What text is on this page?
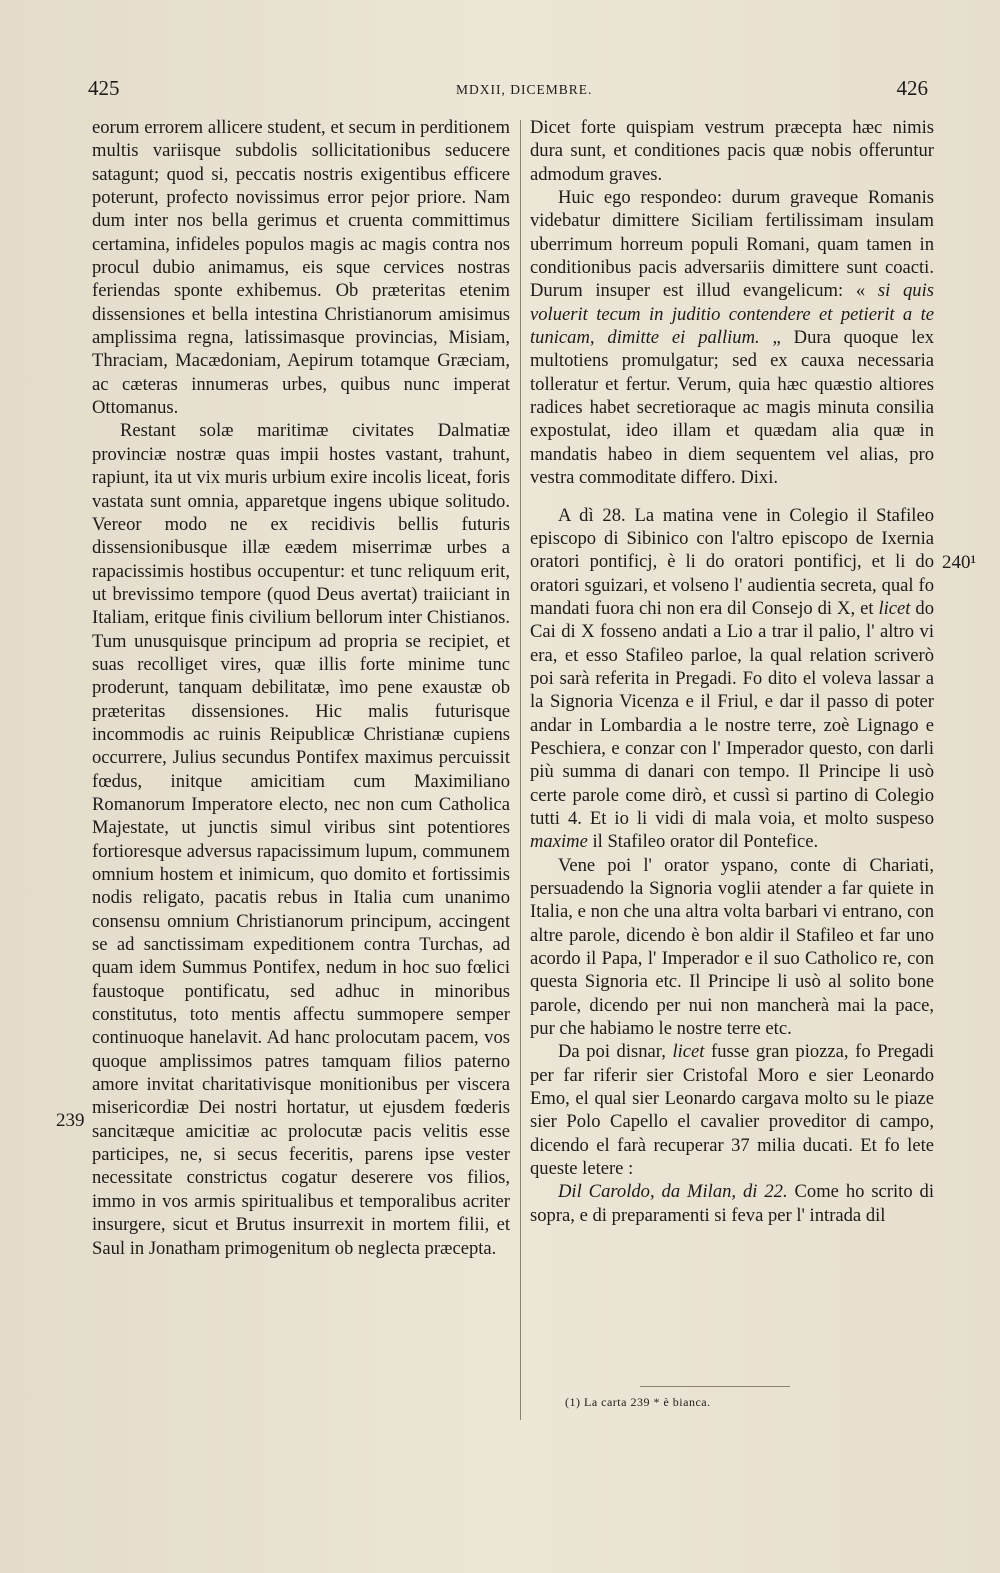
425	MDXII, DICEMBRE.	426

eorum errorem allicere student, et secum in perditionem multis variisque subdolis sollicitationibus seducere satagunt; quod si, peccatis nostris exigentibus efficere poterunt, profecto novissimus error pejor priore. Nam dum inter nos bella gerimus et cruenta committimus certamina, infideles populos magis ac magis contra nos procul dubio animamus, eis sque cervices nostras feriendas sponte exhibemus. Ob præteritas etenim dissensiones et bella intestina Christianorum amisimus amplissima regna, latissimasque provincias, Misiam, Thraciam, Macædoniam, Aepirum totamque Græciam, ac cæteras innumeras urbes, quibus nunc imperat Ottomanus.

Restant solæ maritimæ civitates Dalmatiæ provinciæ nostræ quas impii hostes vastant, trahunt, rapiunt, ita ut vix muris urbium exire incolis liceat, foris vastata sunt omnia, apparetque ingens ubique solitudo. Vereor modo ne ex recidivis bellis futuris dissensionibusque illæ eædem miserrimæ urbes a rapacissimis hostibus occupentur: et tunc reliquum erit, ut brevissimo tempore (quod Deus avertat) traiiciant in Italiam, eritque finis civilium bellorum inter Chistianos. Tum unusquisque principum ad propria se recipiet, et suas recolliget vires, quæ illis forte minime tunc proderunt, tanquam debilitatæ, ìmo pene exaustæ ob præteritas dissensiones. Hic malis futurisque incommodis ac ruinis Reipublicæ Christianæ cupiens occurrere, Julius secundus Pontifex maximus percuissit fœdus, initque amicitiam cum Maximiliano Romanorum Imperatore electo, nec non cum Catholica Majestate, ut junctis simul viribus sint potentiores fortioresque adversus rapacissimum lupum, communem omnium hostem et inimicum, quo domito et fortissimis nodis religato, pacatis rebus in Italia cum unanimo consensu omnium Christianorum principum, accingent se ad sanctissimam expeditionem contra Turchas, ad quam idem Summus Pontifex, nedum in hoc suo fœlici faustoque pontificatu, sed adhuc in minoribus constitutus, toto mentis affectu summopere semper continuoque hanelavit. Ad hanc prolocutam pacem, vos quoque amplissimos patres tamquam filios paterno amore invitat charitativisque monitionibus per viscera misericordiæ Dei nostri hortatur, ut ejusdem fœderis sancitæque amicitiæ ac prolocutæ pacis velitis esse participes, ne, si secus feceritis, parens ipse vester necessitate constrictus cogatur deserere vos filios, immo in vos armis spiritualibus et temporalibus acriter insurgere, sicut et Brutus insurrexit in mortem filii, et Saul in Jonatham primogenitum ob neglecta præcepta.

239
240¹

Dicet forte quispiam vestrum præcepta hæc nimis dura sunt, et conditiones pacis quæ nobis offeruntur admodum graves.

Huic ego respondeo: durum graveque Romanis videbatur dimittere Siciliam fertilissimam insulam uberrimum horreum populi Romani, quam tamen in conditionibus pacis adversariis dimittere sunt coacti. Durum insuper est illud evangelicum: « si quis voluerit tecum in juditio contendere et petierit a te tunicam, dimitte ei pallium. „ Dura quoque lex multotiens promulgatur; sed ex cauxa necessaria tolleratur et fertur. Verum, quia hæc quæstio altiores radices habet secretioraque ac magis minuta consilia expostulat, ideo illam et quædam alia quæ in mandatis habeo in diem sequentem vel alias, pro vestra commoditate differo. Dixi.

A dì 28. La matina vene in Colegio il Stafileo episcopo di Sibinico con l'altro episcopo de Ixernia oratori pontificj, è li do oratori pontificj, et li do oratori sguizari, et volseno l' audientia secreta, qual fo mandati fuora chi non era dil Consejo di X, et licet do Cai di X fosseno andati a Lio a trar il palio, l' altro vi era, et esso Stafileo parloe, la qual relation scriverò poi sarà referita in Pregadi. Fo dito el voleva lassar a la Signoria Vicenza e il Friul, e dar il passo di poter andar in Lombardia a le nostre terre, zoè Lignago e Peschiera, e conzar con l' Imperador questo, con darli più summa di danari con tempo. Il Principe li usò certe parole come dirò, et cussì si partino di Colegio tutti 4. Et io li vidi di mala voia, et molto suspeso maxime il Stafileo orator dil Pontefice.

Vene poi l' orator yspano, conte di Chariati, persuadendo la Signoria voglii atender a far quiete in Italia, e non che una altra volta barbari vi entrano, con altre parole, dicendo è bon aldir il Stafileo et far uno acordo il Papa, l' Imperador e il suo Catholico re, con questa Signoria etc. Il Principe li usò al solito bone parole, dicendo per nui non mancherà mai la pace, pur che habiamo le nostre terre etc.

Da poi disnar, licet fusse gran piozza, fo Pregadi per far riferir sier Cristofal Moro e sier Leonardo Emo, el qual sier Leonardo cargava molto su le piaze sier Polo Capello el cavalier proveditor di campo, dicendo el farà recuperar 37 milia ducati. Et fo lete queste letere :

Dil Caroldo, da Milan, di 22. Come ho scrito di sopra, e di preparamenti si feva per l' intrada dil

(1) La carta 239 * è bianca.
